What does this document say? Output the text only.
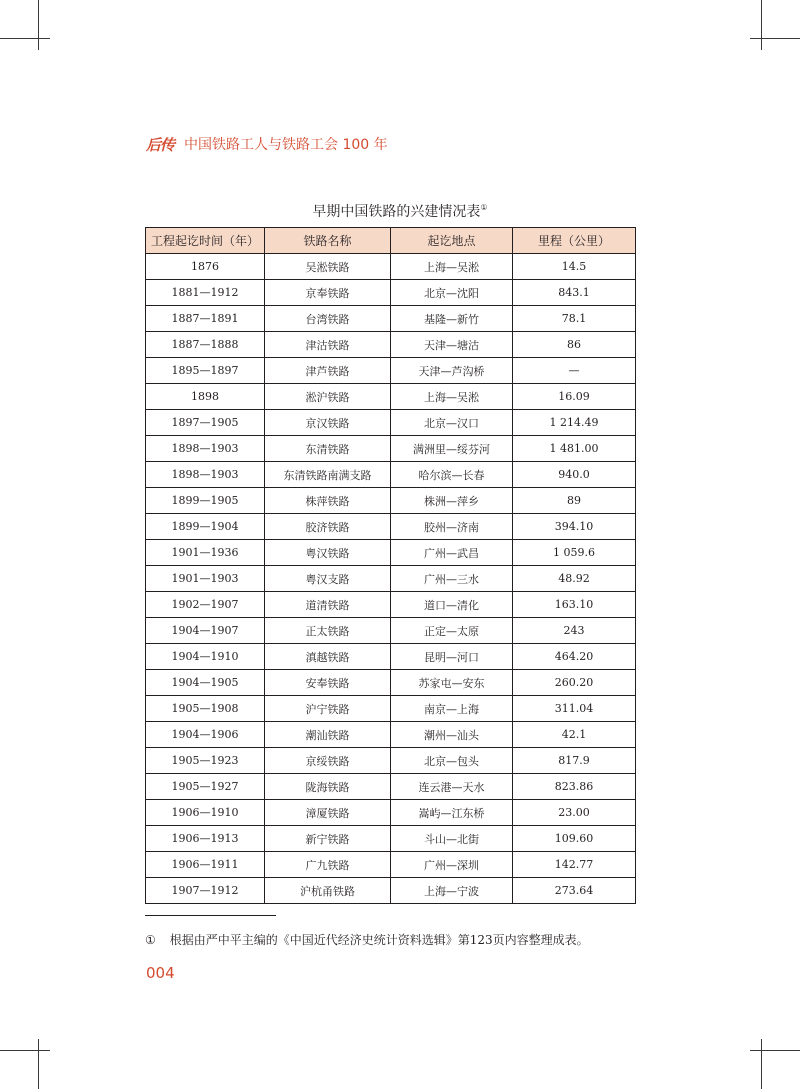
后传 中国铁路工人与铁路工会 100 年
早期中国铁路的兴建情况表①
工程起讫时间（年）	铁路名称	起讫地点	里程（公里）
1876	吴淞铁路	上海—吴淞	14.5
1881—1912	京奉铁路	北京—沈阳	843.1
1887—1891	台湾铁路	基隆—新竹	78.1
1887—1888	津沽铁路	天津—塘沽	86
1895—1897	津芦铁路	天津—芦沟桥	—
1898	淞沪铁路	上海—吴淞	16.09
1897—1905	京汉铁路	北京—汉口	1 214.49
1898—1903	东清铁路	满洲里—绥芬河	1 481.00
1898—1903	东清铁路南满支路	哈尔滨—长春	940.0
1899—1905	株萍铁路	株洲—萍乡	89
1899—1904	胶济铁路	胶州—济南	394.10
1901—1936	粤汉铁路	广州—武昌	1 059.6
1901—1903	粤汉支路	广州—三水	48.92
1902—1907	道清铁路	道口—清化	163.10
1904—1907	正太铁路	正定—太原	243
1904—1910	滇越铁路	昆明—河口	464.20
1904—1905	安奉铁路	苏家屯—安东	260.20
1905—1908	沪宁铁路	南京—上海	311.04
1904—1906	潮汕铁路	潮州—汕头	42.1
1905—1923	京绥铁路	北京—包头	817.9
1905—1927	陇海铁路	连云港—天水	823.86
1906—1910	漳厦铁路	嵩屿—江东桥	23.00
1906—1913	新宁铁路	斗山—北街	109.60
1906—1911	广九铁路	广州—深圳	142.77
1907—1912	沪杭甬铁路	上海—宁波	273.64
① 根据由严中平主编的《中国近代经济史统计资料选辑》第123页内容整理成表。
004
